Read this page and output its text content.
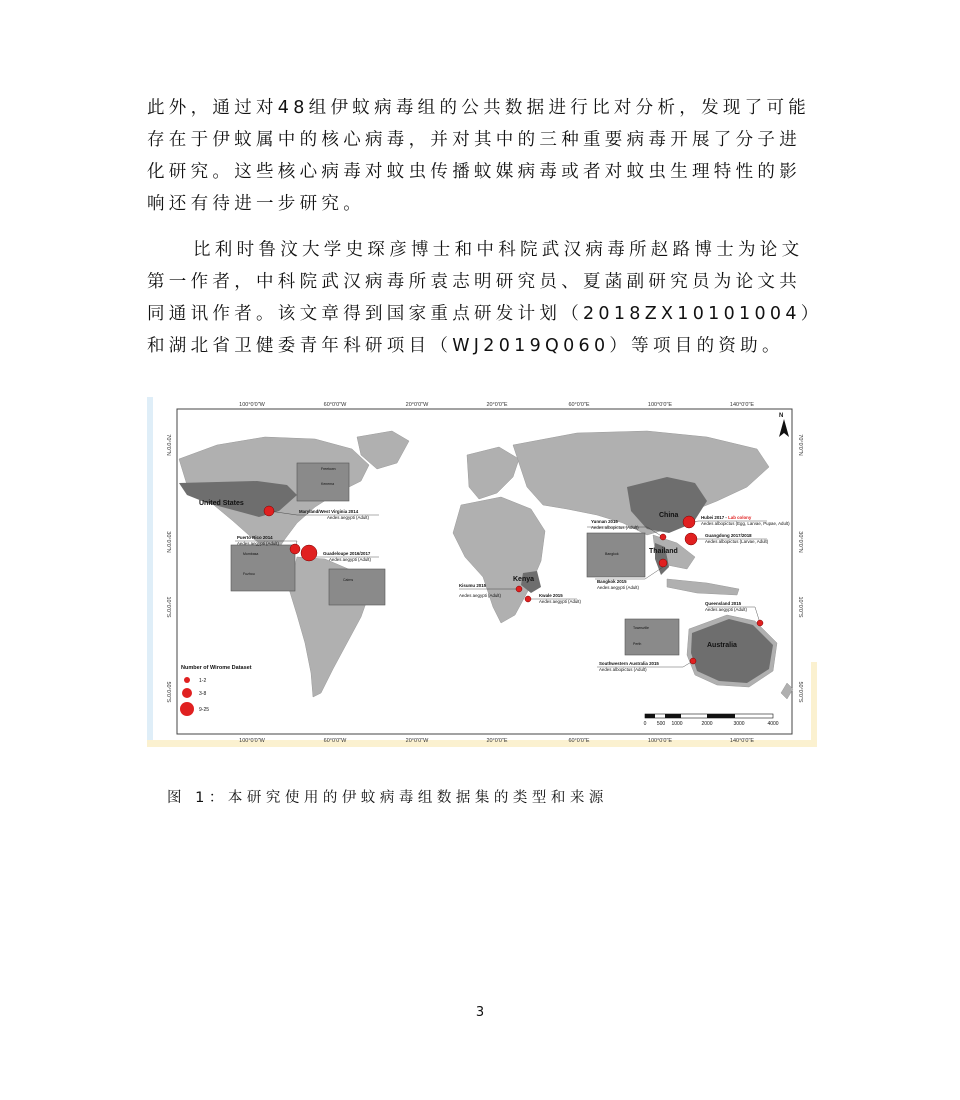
此外，通过对48组伊蚊病毒组的公共数据进行比对分析，发现了可能存在于伊蚊属中的核心病毒，并对其中的三种重要病毒开展了分子进化研究。这些核心病毒对蚊虫传播蚊媒病毒或者对蚊虫生理特性的影响还有待进一步研究。

比利时鲁汶大学史琛彦博士和中科院武汉病毒所赵路博士为论文第一作者，中科院武汉病毒所袁志明研究员、夏菡副研究员为论文共同通讯作者。该文章得到国家重点研发计划（2018ZX10101004）和湖北省卫健委青年科研项目（WJ2019Q060）等项目的资助。

100°0'0"W	60°0'0"W	20°0'0"W	20°0'0"E	60°0'0"E	100°0'0"E	140°0'0"E
100°0'0"W	60°0'0"W	20°0'0"W	20°0'0"E	60°0'0"E	100°0'0"E	140°0'0"E
70°0'0"N
30°0'0"N
10°0'0"S
50°0'0"S
70°0'0"N
30°0'0"N
10°0'0"S
50°0'0"S
Freetown
Kenema
Mombasa
Fuzhou
Bangkok
Cairns
Townsville
Perth
United States
China
Thailand
Kenya
Australia
Maryland/West Virginia 2014
Aedes aegypti (Adult)
Puerto Rico 2014
Aedes aegypti (Adult)
Guadeloupe 2016/2017
Aedes aegypti (Adult)
Kisumu 2015
Aedes aegypti (Adult)	Kwale 2015
Aedes aegypti (Adult)
Yunnan 2016
Aedes albopictus (Adult)
Hubei 2017 - Lab colony
Aedes albopictus (Egg, Larvae, Pupae, Adult)
Guangdong 2017/2018
Aedes albopictus (Larvae, Adult)
Bangkok 2015
Aedes aegypti (Adult)
Queensland 2015
Aedes aegypti (Adult)
Southwestern Australia 2015
Aedes albopictus (Adult)
N
Number of Wirome Dataset
1-2
3-8
9-25
0 500 1000	2000	3000	4000

图 1：本研究使用的伊蚊病毒组数据集的类型和来源

3
